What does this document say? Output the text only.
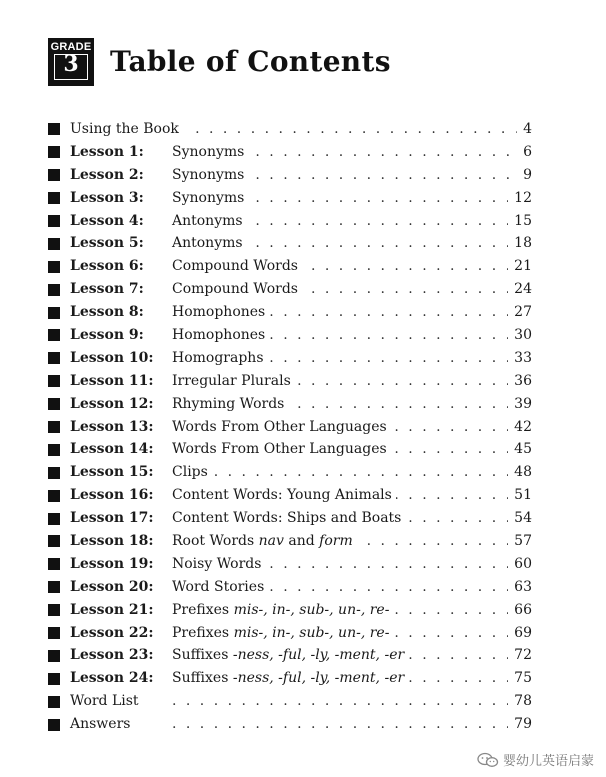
GRADE
3	Table of Contents
. . .
Using the Book	4
Lesson 1: . . . Synonyms	6
Lesson 2: . . . Synonyms	9
Lesson 3: . . . Synonyms	12
Lesson 4: . . . Antonyms	15
Lesson 5: . . . Antonyms	18
Lesson 6: . . . Compound Words	21
Lesson 7: . . . Compound Words	24
Lesson 8: . . . Homophones	27
Lesson 9: . . . Homophones	30
Lesson 10: . . . Homographs	33
Lesson 11: . . . Irregular Plurals	36
Lesson 12: . . . Rhyming Words	39
Lesson 13: . . . Words From Other Languages	42
Lesson 14: . . . Words From Other Languages	45
Lesson 15: . . . Clips	48
Lesson 16: . . . Content Words: Young Animals	51
Lesson 17: . . . Content Words: Ships and Boats	54
Lesson 18: . . . Root Words nav and form	57
Lesson 19: . . . Noisy Words	60
Lesson 20: . . . Word Stories	63
Lesson 21: . . . Prefixes mis-, in-, sub-, un-, re-	66
Lesson 22: . . . Prefixes mis-, in-, sub-, un-, re-	69
Lesson 23: . . . Suffixes -ness, -ful, -ly, -ment, -er	72
Lesson 24: . . . Suffixes -ness, -ful, -ly, -ment, -er	75
Word List . . .	78
Answers . . .	79
婴幼儿英语启蒙
